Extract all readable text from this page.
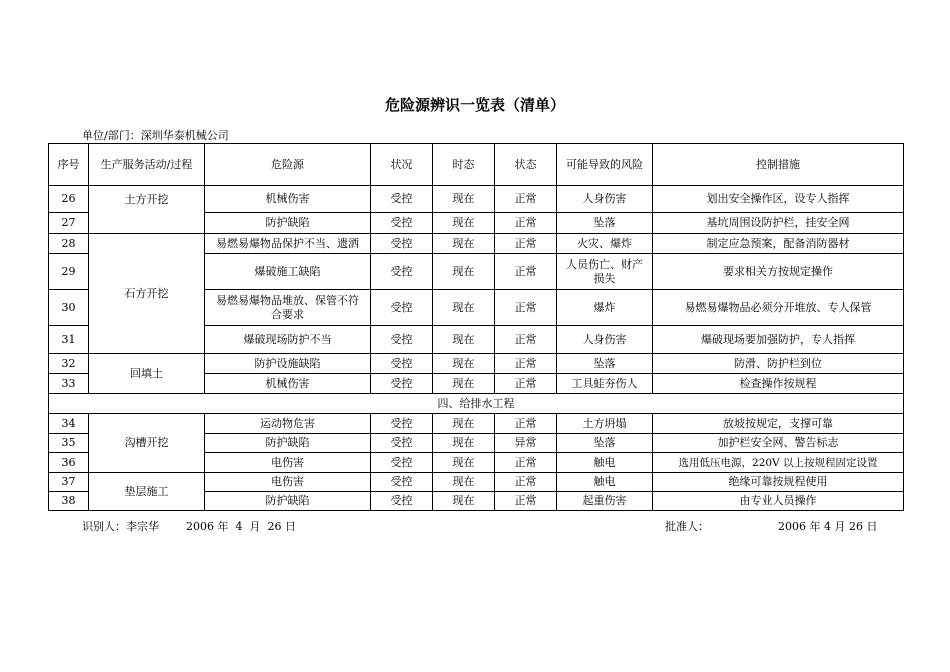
危险源辨识一览表（清单）
单位/部门：深圳华泰机械公司
序号	生产服务活动/过程	危险源	状况	时态	状态	可能导致的风险	控制措施
26	土方开挖	机械伤害	受控	现在	正常	人身伤害	划出安全操作区，设专人指挥
27		防护缺陷	受控	现在	正常	坠落	基坑周围设防护栏，挂安全网
28	石方开挖	易燃易爆物品保护不当、遗洒	受控	现在	正常	火灾、爆炸	制定应急预案，配备消防器材
29		爆破施工缺陷	受控	现在	正常	人员伤亡、财产损失	要求相关方按规定操作
30		易燃易爆物品堆放、保管不符合要求	受控	现在	正常	爆炸	易燃易爆物品必须分开堆放、专人保管
31		爆破现场防护不当	受控	现在	正常	人身伤害	爆破现场要加强防护，专人指挥
32	回填土	防护设施缺陷	受控	现在	正常	坠落	防滑、防护栏到位
33		机械伤害	受控	现在	正常	工具蛙夯伤人	检查操作按规程
四、给排水工程							
34	沟槽开挖	运动物危害	受控	现在	正常	土方坍塌	放坡按规定，支撑可靠
35		防护缺陷	受控	现在	异常	坠落	加护栏安全网、警告标志
36		电伤害	受控	现在	正常	触电	选用低压电源，220V 以上按规程固定设置
37	垫层施工	电伤害	受控	现在	正常	触电	绝缘可靠按规程使用
38		防护缺陷	受控	现在	正常	起重伤害	由专业人员操作
识别人：李宗华 2006 年  4  月  26 日	批准人：	2006 年 4 月 26 日
